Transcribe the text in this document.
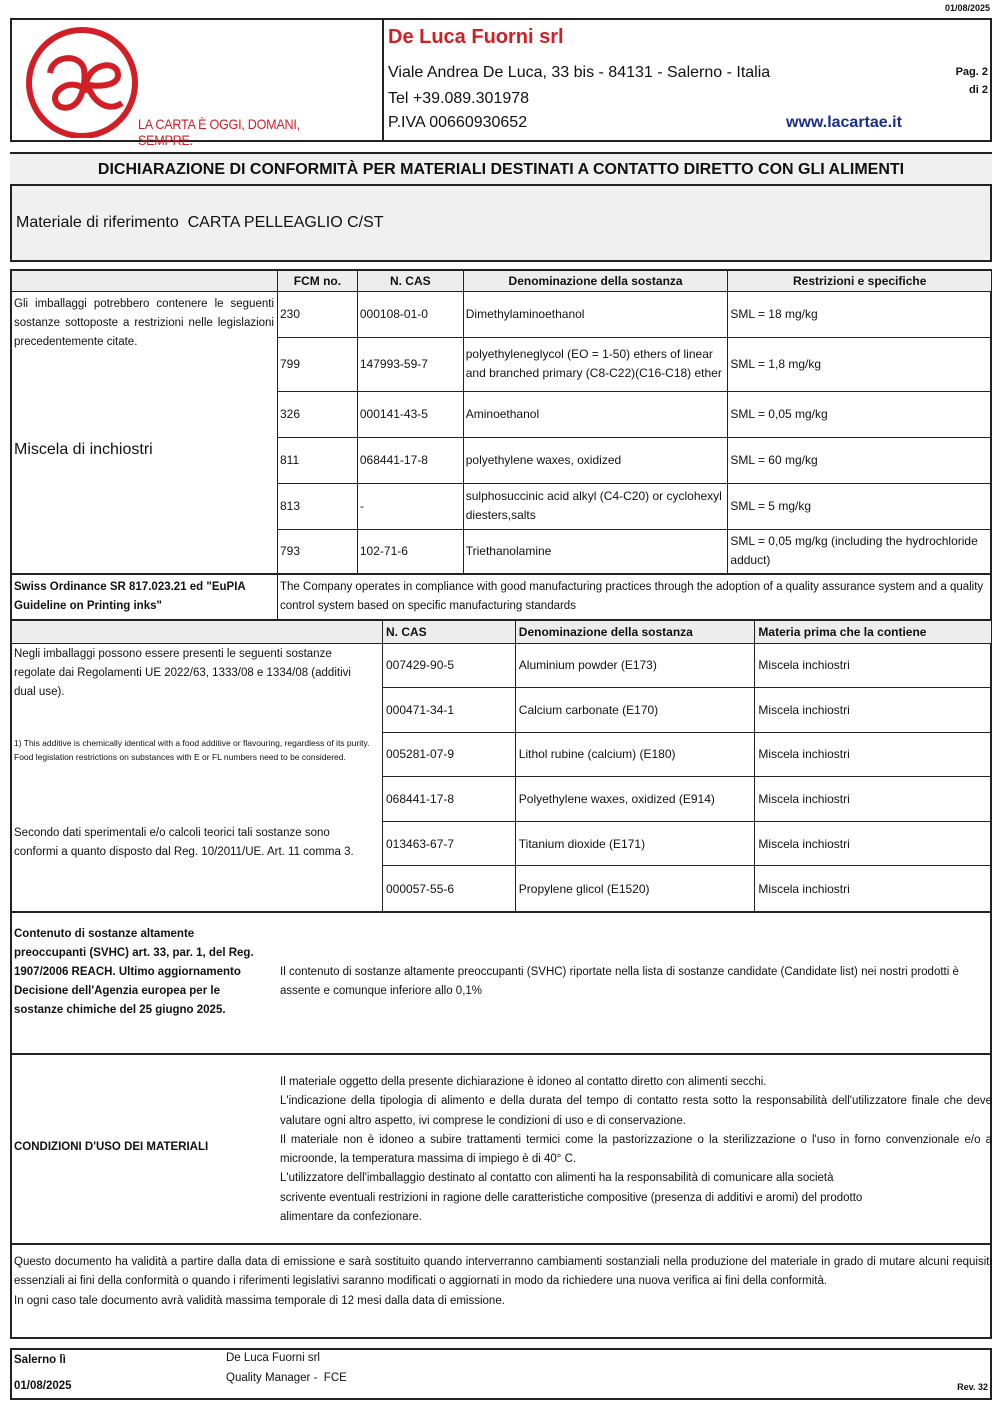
LA CARTA È OGGI, DOMANI, SEMPRE.
De Luca Fuorni srl
Viale Andrea De Luca, 33 bis - 84131 - Salerno - Italia
Tel +39.089.301978
P.IVA 00660930652	www.lacartae.it
01/08/2025
Pag. 2
di 2
DICHIARAZIONE DI CONFORMITÀ PER MATERIALI DESTINATI A CONTATTO DIRETTO CON GLI ALIMENTI
Materiale di riferimento  CARTA PELLEAGLIO C/ST
Gli imballaggi potrebbero contenere le seguenti sostanze sottoposte a restrizioni nelle legislazioni precedentemente citate.
Miscela di inchiostri
FCM no.	N. CAS	Denominazione della sostanza	Restrizioni e specifiche
230	000108-01-0	Dimethylaminoethanol	SML = 18 mg/kg
799	147993-59-7	polyethyleneglycol (EO = 1-50) ethers of linear and branched primary (C8-C22)(C16-C18) ether	SML = 1,8 mg/kg
326	000141-43-5	Aminoethanol	SML = 0,05 mg/kg
811	068441-17-8	polyethylene waxes, oxidized	SML = 60 mg/kg
813	-	sulphosuccinic acid alkyl (C4-C20) or cyclohexyl diesters,salts	SML = 5 mg/kg
793	102-71-6	Triethanolamine	SML = 0,05 mg/kg (including the hydrochloride adduct)
Swiss Ordinance SR 817.023.21 ed "EuPIA Guideline on Printing inks"
The Company operates in compliance with good manufacturing practices through the adoption of a quality assurance system and a quality control system based on specific manufacturing standards
Negli imballaggi possono essere presenti le seguenti sostanze regolate dai Regolamenti UE 2022/63, 1333/08 e 1334/08 (additivi dual use).
1) This additive is chemically identical with a food additive or flavouring, regardless of its purity. Food legislation restrictions on substances with E or FL numbers need to be considered.
Secondo dati sperimentali e/o calcoli teorici tali sostanze sono conformi a quanto disposto dal Reg. 10/2011/UE. Art. 11 comma 3.
N. CAS	Denominazione della sostanza	Materia prima che la contiene
007429-90-5	Aluminium powder (E173)	Miscela inchiostri
000471-34-1	Calcium carbonate (E170)	Miscela inchiostri
005281-07-9	Lithol rubine (calcium) (E180)	Miscela inchiostri
068441-17-8	Polyethylene waxes, oxidized (E914)	Miscela inchiostri
013463-67-7	Titanium dioxide (E171)	Miscela inchiostri
000057-55-6	Propylene glicol (E1520)	Miscela inchiostri
Contenuto di sostanze altamente preoccupanti (SVHC) art. 33, par. 1, del Reg. 1907/2006 REACH. Ultimo aggiornamento Decisione dell'Agenzia europea per le sostanze chimiche del 25 giugno 2025.
Il contenuto di sostanze altamente preoccupanti (SVHC) riportate nella lista di sostanze candidate (Candidate list) nei nostri prodotti è assente e comunque inferiore allo 0,1%
CONDIZIONI D'USO DEI MATERIALI
Il materiale oggetto della presente dichiarazione è idoneo al contatto diretto con alimenti secchi.
L'indicazione della tipologia di alimento e della durata del tempo di contatto resta sotto la responsabilità dell'utilizzatore finale che deve valutare ogni altro aspetto, ivi comprese le condizioni di uso e di conservazione.
Il materiale non è idoneo a subire trattamenti termici come la pastorizzazione o la sterilizzazione o l'uso in forno convenzionale e/o a microonde, la temperatura massima di impiego è di 40° C.
L'utilizzatore dell'imballaggio destinato al contatto con alimenti ha la responsabilità di comunicare alla società scrivente eventuali restrizioni in ragione delle caratteristiche compositive (presenza di additivi e aromi) del prodotto alimentare da confezionare.
Questo documento ha validità a partire dalla data di emissione e sarà sostituito quando interverranno cambiamenti sostanziali nella produzione del materiale in grado di mutare alcuni requisiti essenziali ai fini della conformità o quando i riferimenti legislativi saranno modificati o aggiornati in modo da richiedere una nuova verifica ai fini della conformità.
In ogni caso tale documento avrà validità massima temporale di 12 mesi dalla data di emissione.
Salerno lì
01/08/2025
De Luca Fuorni srl
Quality Manager -  FCE
Rev. 32
